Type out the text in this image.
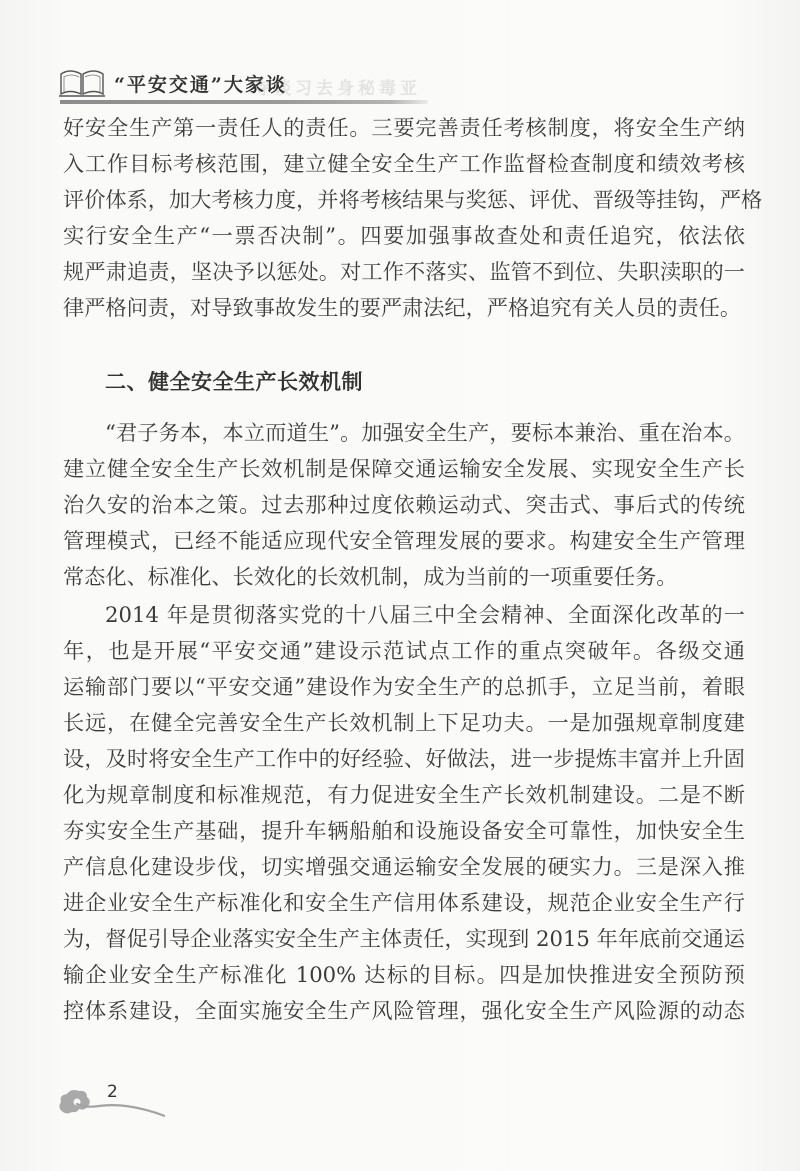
寺谈习去身秘毒亚
“平安交通”大家谈
好安全生产第一责任人的责任。三要完善责任考核制度，将安全生产纳
入工作目标考核范围，建立健全安全生产工作监督检查制度和绩效考核
评价体系，加大考核力度，并将考核结果与奖惩、评优、晋级等挂钩，严格
实行安全生产“一票否决制”。四要加强事故查处和责任追究，依法依
规严肃追责，坚决予以惩处。对工作不落实、监管不到位、失职渎职的一
律严格问责，对导致事故发生的要严肃法纪，严格追究有关人员的责任。
二、健全安全生产长效机制
“君子务本，本立而道生”。加强安全生产，要标本兼治、重在治本。
建立健全安全生产长效机制是保障交通运输安全发展、实现安全生产长
治久安的治本之策。过去那种过度依赖运动式、突击式、事后式的传统
管理模式，已经不能适应现代安全管理发展的要求。构建安全生产管理
常态化、标准化、长效化的长效机制，成为当前的一项重要任务。
2014 年是贯彻落实党的十八届三中全会精神、全面深化改革的一
年，也是开展“平安交通”建设示范试点工作的重点突破年。各级交通
运输部门要以“平安交通”建设作为安全生产的总抓手，立足当前，着眼
长远，在健全完善安全生产长效机制上下足功夫。一是加强规章制度建
设，及时将安全生产工作中的好经验、好做法，进一步提炼丰富并上升固
化为规章制度和标准规范，有力促进安全生产长效机制建设。二是不断
夯实安全生产基础，提升车辆船舶和设施设备安全可靠性，加快安全生
产信息化建设步伐，切实增强交通运输安全发展的硬实力。三是深入推
进企业安全生产标准化和安全生产信用体系建设，规范企业安全生产行
为，督促引导企业落实安全生产主体责任，实现到 2015 年年底前交通运
输企业安全生产标准化 100% 达标的目标。四是加快推进安全预防预
控体系建设，全面实施安全生产风险管理，强化安全生产风险源的动态
2
